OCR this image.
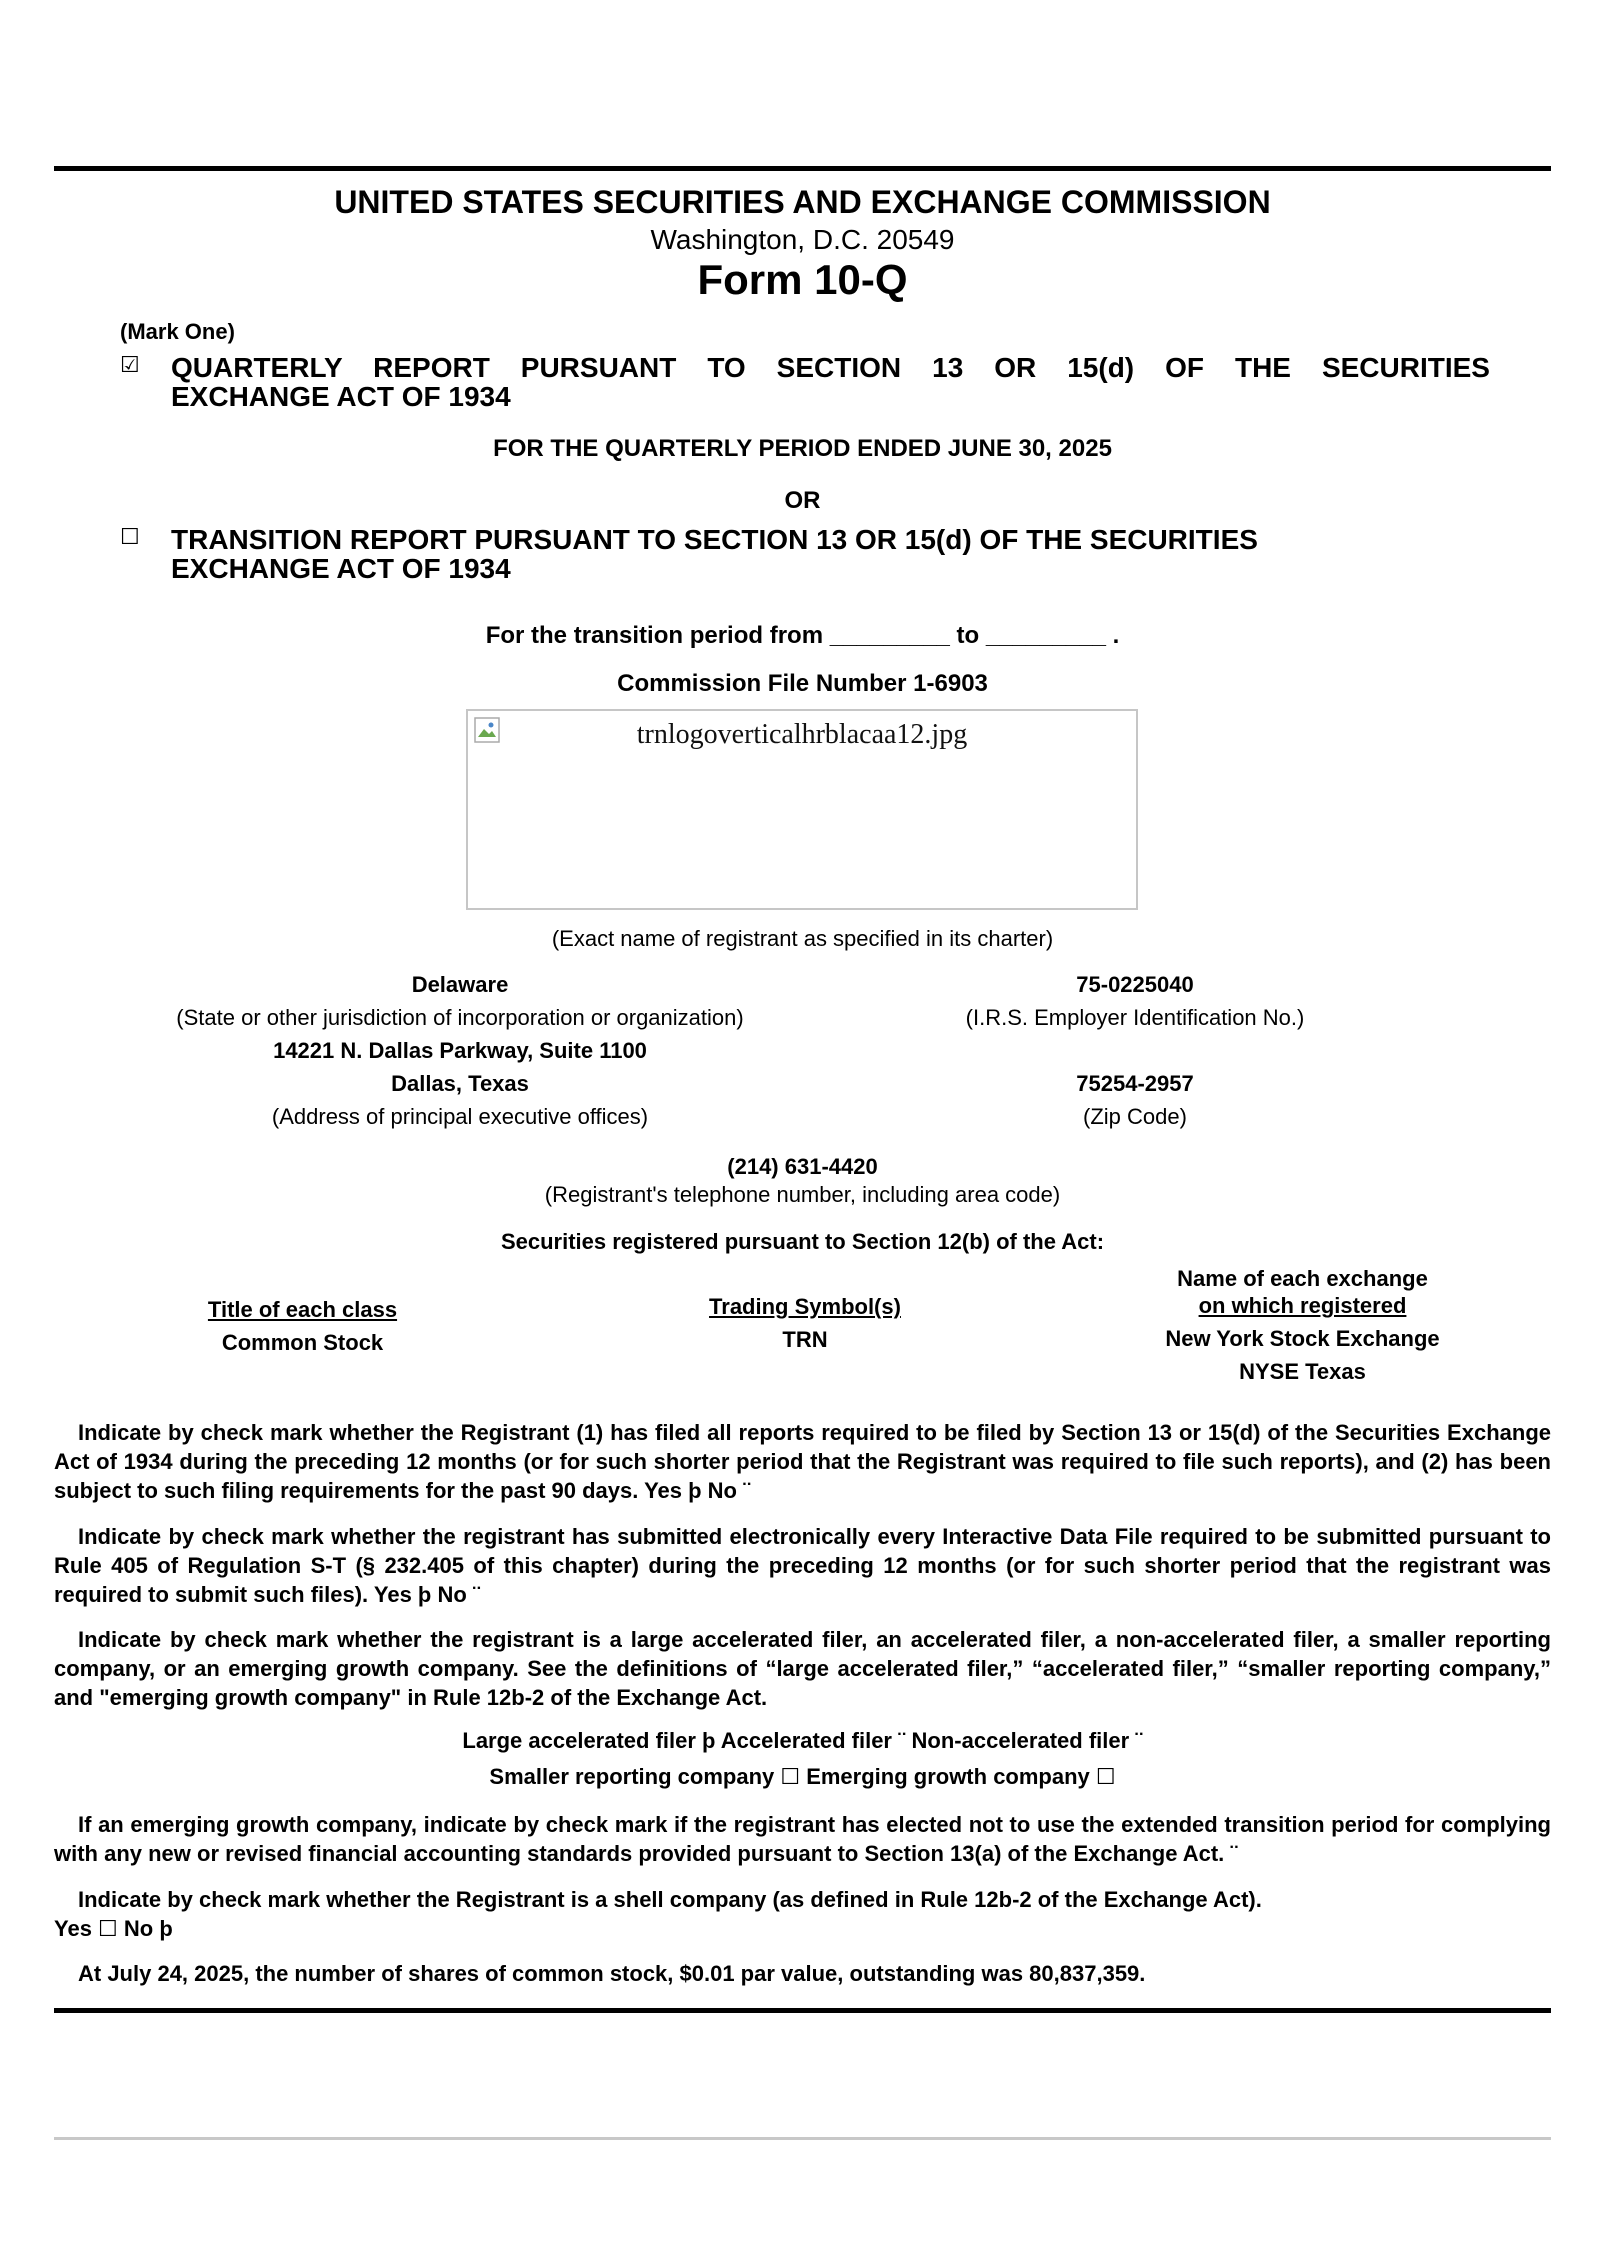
UNITED STATES SECURITIES AND EXCHANGE COMMISSION
Washington, D.C. 20549
Form 10-Q
(Mark One)
☑ QUARTERLY REPORT PURSUANT TO SECTION 13 OR 15(d) OF THE SECURITIES
EXCHANGE ACT OF 1934
FOR THE QUARTERLY PERIOD ENDED JUNE 30, 2025
OR
☐ TRANSITION REPORT PURSUANT TO SECTION 13 OR 15(d) OF THE SECURITIES
EXCHANGE ACT OF 1934
For the transition period from _________ to _________ .
Commission File Number 1-6903
trnlogoverticalhrblacaa12.jpg
(Exact name of registrant as specified in its charter)
Delaware
(State or other jurisdiction of incorporation or organization)
14221 N. Dallas Parkway, Suite 1100
Dallas, Texas
(Address of principal executive offices)
75-0225040
(I.R.S. Employer Identification No.)
75254-2957
(Zip Code)
(214) 631-4420
(Registrant's telephone number, including area code)
Securities registered pursuant to Section 12(b) of the Act:
Title of each class
Common Stock
Trading Symbol(s)
TRN
Name of each exchange
on which registered
New York Stock Exchange
NYSE Texas
Indicate by check mark whether the Registrant (1) has filed all reports required to be filed by Section 13 or 15(d) of the Securities Exchange Act of 1934 during the preceding 12 months (or for such shorter period that the Registrant was required to file such reports), and (2) has been subject to such filing requirements for the past 90 days. Yes þ No ¨
Indicate by check mark whether the registrant has submitted electronically every Interactive Data File required to be submitted pursuant to Rule 405 of Regulation S-T (§ 232.405 of this chapter) during the preceding 12 months (or for such shorter period that the registrant was required to submit such files). Yes þ No ¨
Indicate by check mark whether the registrant is a large accelerated filer, an accelerated filer, a non-accelerated filer, a smaller reporting company, or an emerging growth company. See the definitions of “large accelerated filer,” “accelerated filer,” “smaller reporting company,” and "emerging growth company" in Rule 12b-2 of the Exchange Act.
Large accelerated filer þ Accelerated filer ¨ Non-accelerated filer ¨
Smaller reporting company ☐ Emerging growth company ☐
If an emerging growth company, indicate by check mark if the registrant has elected not to use the extended transition period for complying with any new or revised financial accounting standards provided pursuant to Section 13(a) of the Exchange Act. ¨
Indicate by check mark whether the Registrant is a shell company (as defined in Rule 12b-2 of the Exchange Act).
Yes ☐ No þ
At July 24, 2025, the number of shares of common stock, $0.01 par value, outstanding was 80,837,359.
